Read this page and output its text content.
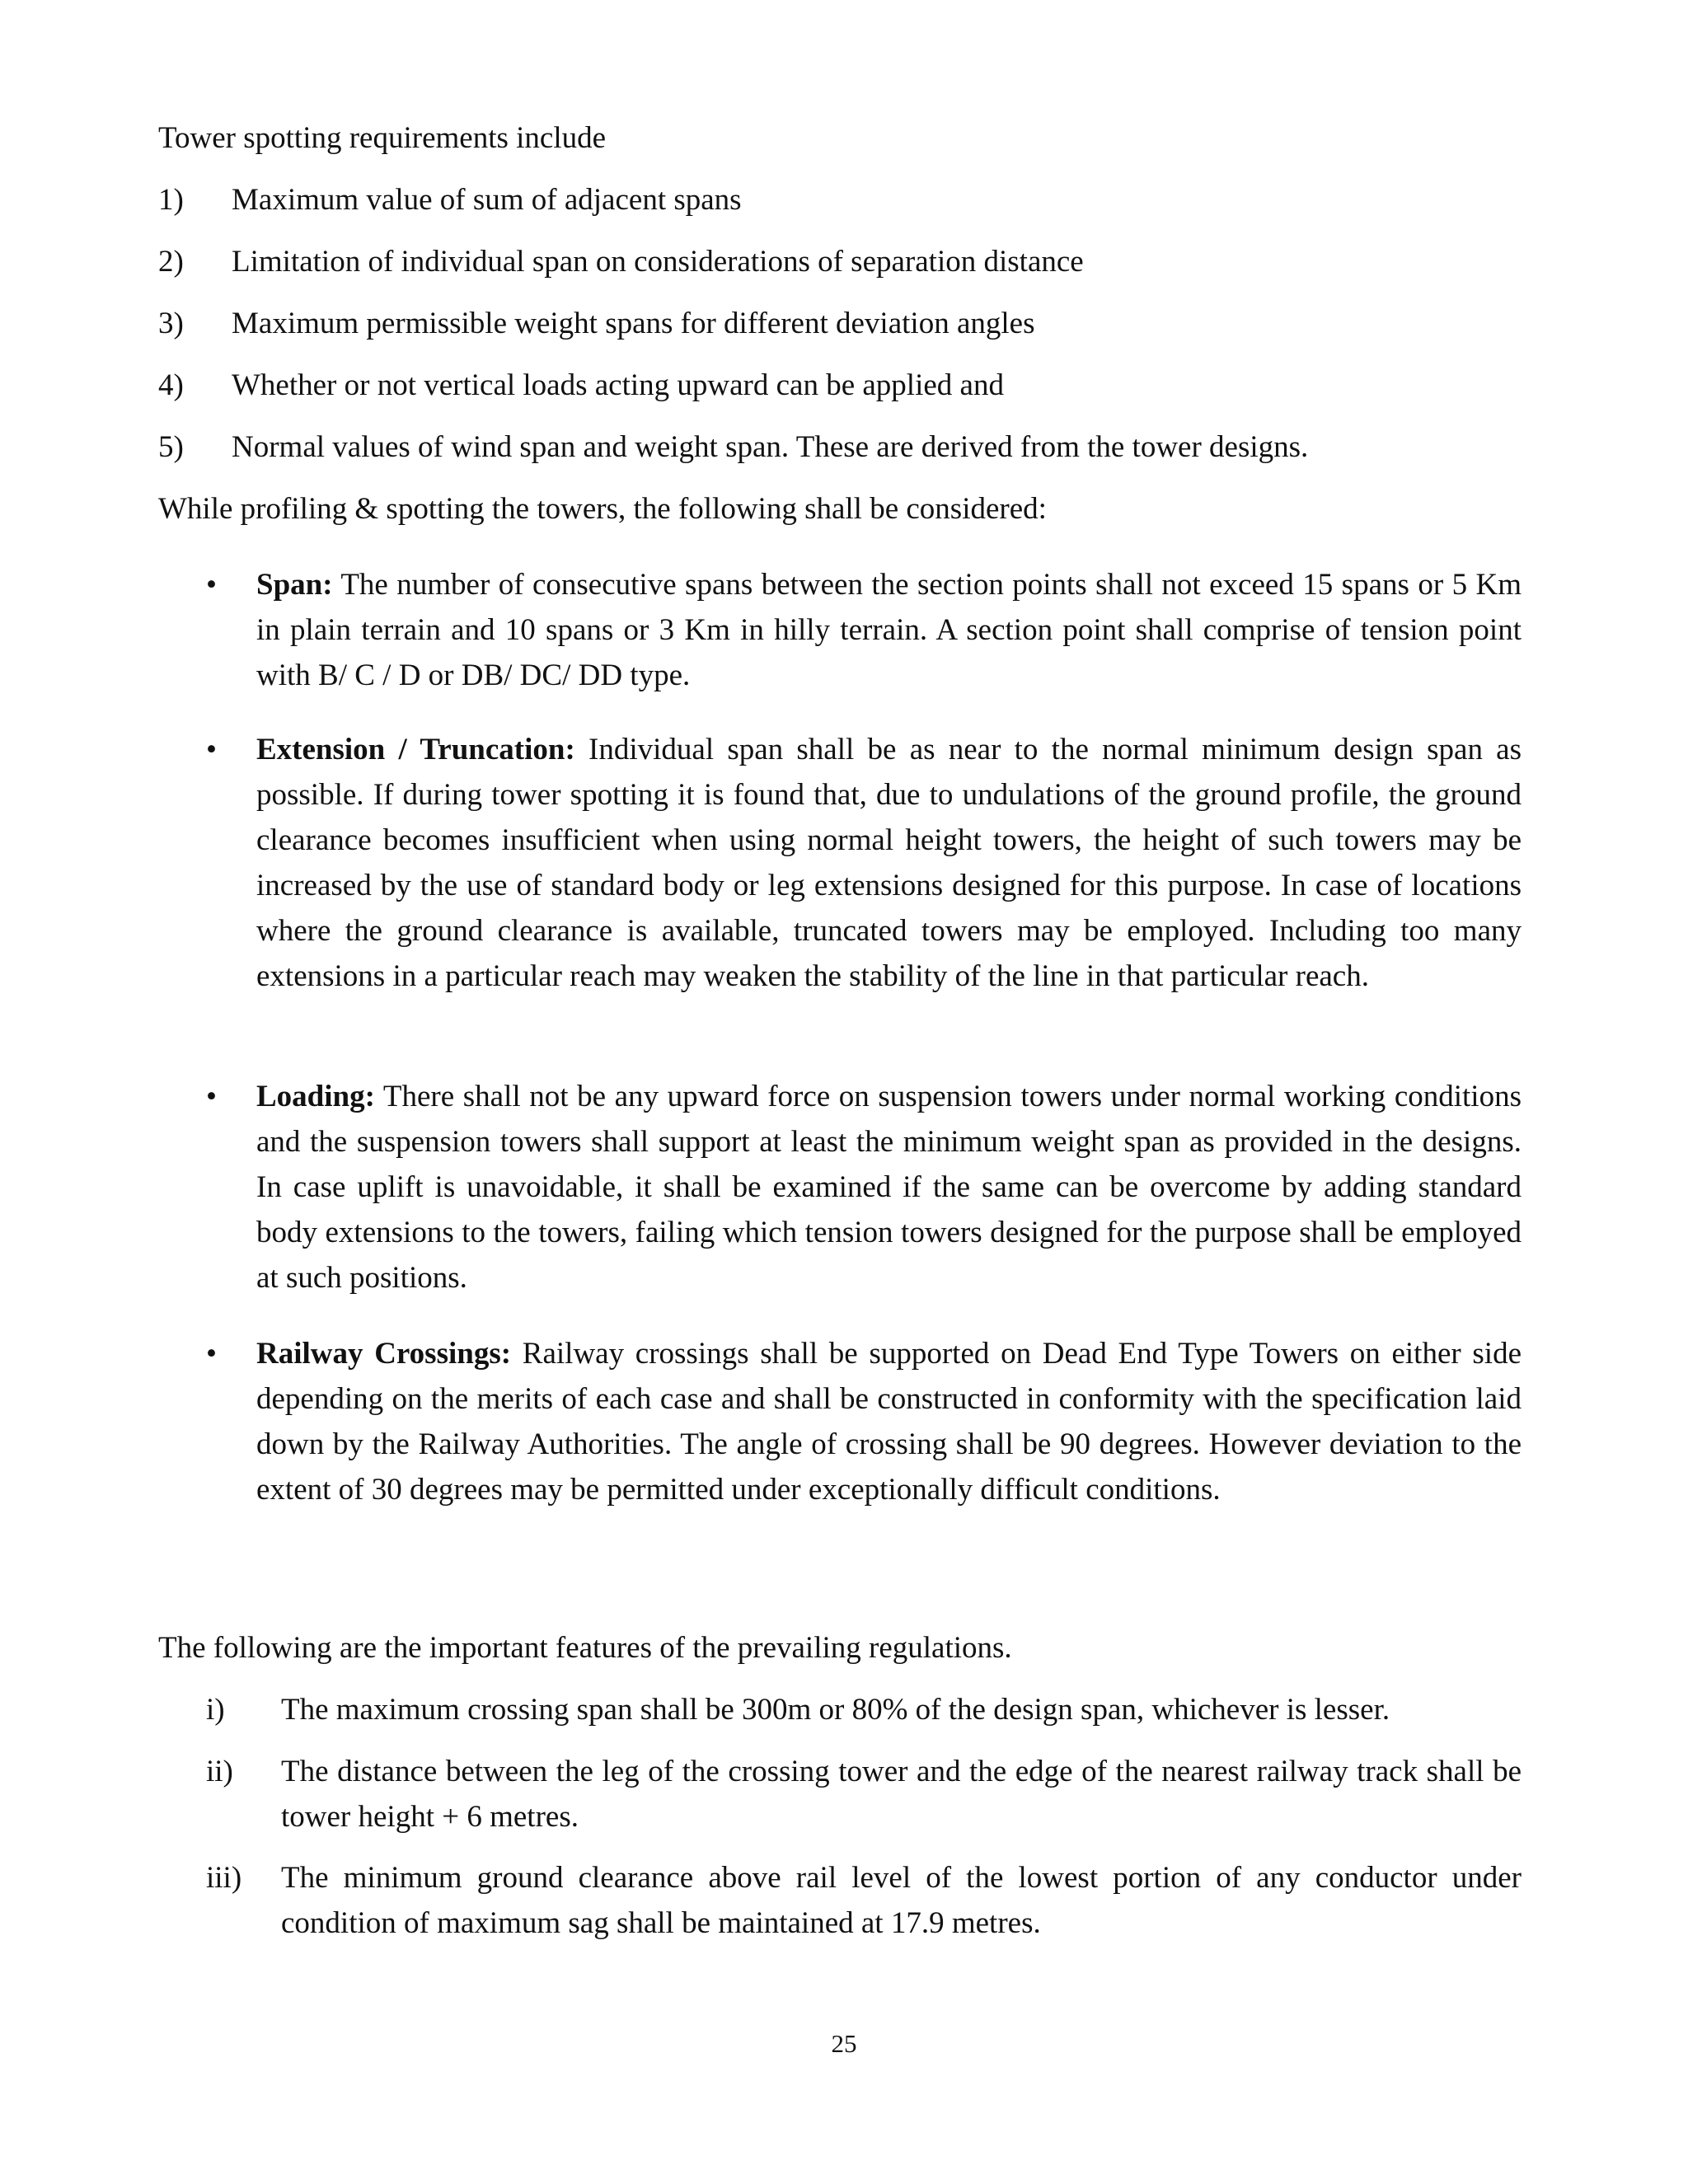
Tower spotting requirements include

1) Maximum value of sum of adjacent spans
2) Limitation of individual span on considerations of separation distance
3) Maximum permissible weight spans for different deviation angles
4) Whether or not vertical loads acting upward can be applied and
5) Normal values of wind span and weight span. These are derived from the tower designs.

While profiling & spotting the towers, the following shall be considered:

• Span: The number of consecutive spans between the section points shall not exceed 15 spans or 5 Km in plain terrain and 10 spans or 3 Km in hilly terrain. A section point shall comprise of tension point with B/ C / D or DB/ DC/ DD type.

• Extension / Truncation: Individual span shall be as near to the normal minimum design span as possible. If during tower spotting it is found that, due to undulations of the ground profile, the ground clearance becomes insufficient when using normal height towers, the height of such towers may be increased by the use of standard body or leg extensions designed for this purpose. In case of locations where the ground clearance is available, truncated towers may be employed. Including too many extensions in a particular reach may weaken the stability of the line in that particular reach.

• Loading: There shall not be any upward force on suspension towers under normal working conditions and the suspension towers shall support at least the minimum weight span as provided in the designs. In case uplift is unavoidable, it shall be examined if the same can be overcome by adding standard body extensions to the towers, failing which tension towers designed for the purpose shall be employed at such positions.

• Railway Crossings: Railway crossings shall be supported on Dead End Type Towers on either side depending on the merits of each case and shall be constructed in conformity with the specification laid down by the Railway Authorities. The angle of crossing shall be 90 degrees. However deviation to the extent of 30 degrees may be permitted under exceptionally difficult conditions.

The following are the important features of the prevailing regulations.

i) The maximum crossing span shall be 300m or 80% of the design span, whichever is lesser.

ii) The distance between the leg of the crossing tower and the edge of the nearest railway track shall be tower height + 6 metres.

iii) The minimum ground clearance above rail level of the lowest portion of any conductor under condition of maximum sag shall be maintained at 17.9 metres.

25
